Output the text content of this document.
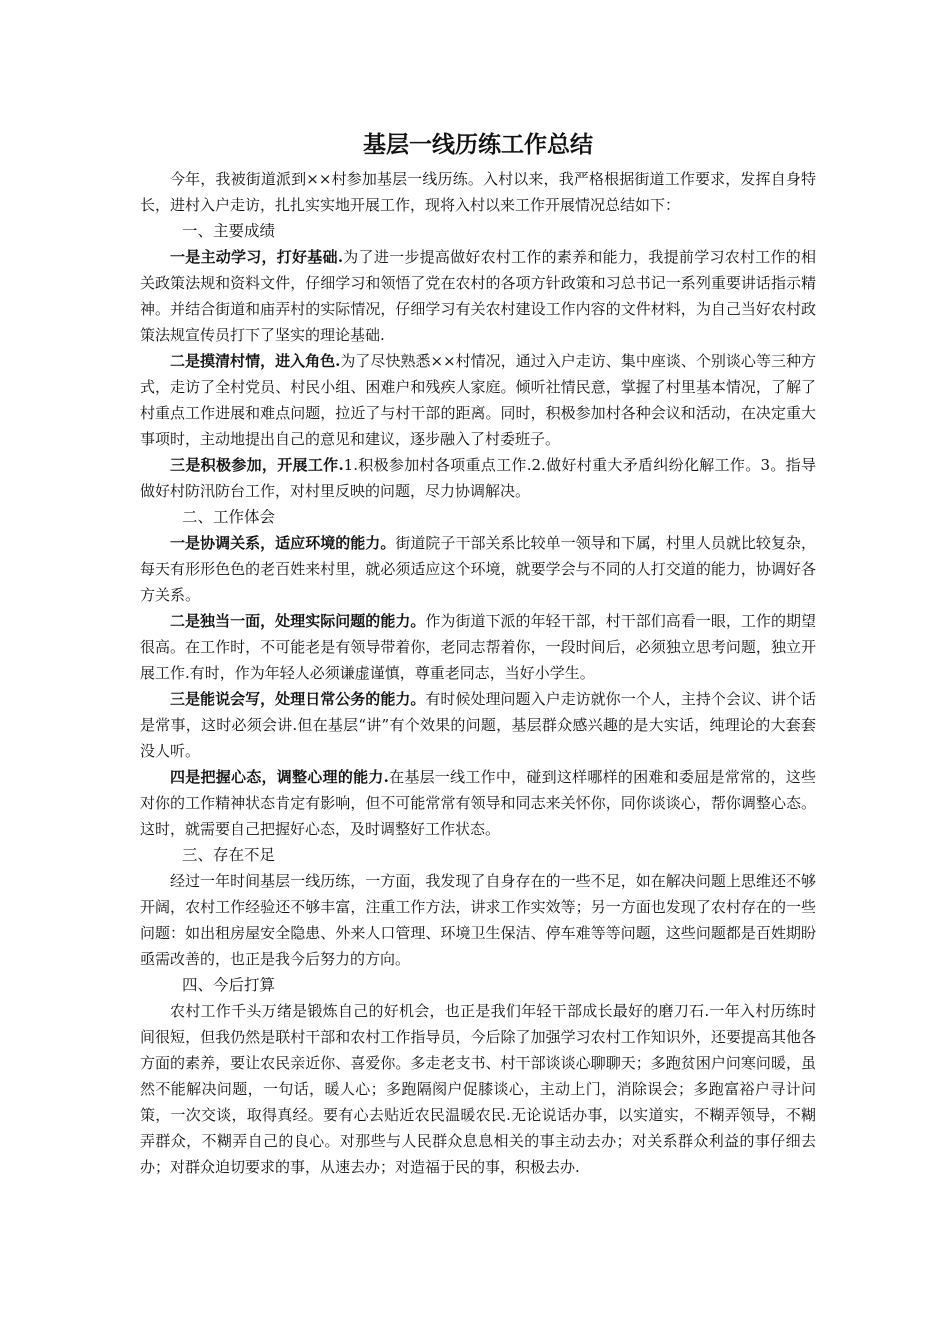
基层一线历练工作总结

今年，我被街道派到××村参加基层一线历练。入村以来，我严格根据街道工作要求，发挥自身特长，进村入户走访，扎扎实实地开展工作，现将入村以来工作开展情况总结如下：

一、主要成绩

一是主动学习，打好基础.为了进一步提高做好农村工作的素养和能力，我提前学习农村工作的相关政策法规和资料文件，仔细学习和领悟了党在农村的各项方针政策和习总书记一系列重要讲话指示精神。并结合街道和庙弄村的实际情况，仔细学习有关农村建设工作内容的文件材料，为自己当好农村政策法规宣传员打下了坚实的理论基础.

二是摸清村情，进入角色.为了尽快熟悉××村情况，通过入户走访、集中座谈、个别谈心等三种方式，走访了全村党员、村民小组、困难户和残疾人家庭。倾听社情民意，掌握了村里基本情况，了解了村重点工作进展和难点问题，拉近了与村干部的距离。同时，积极参加村各种会议和活动，在决定重大事项时，主动地提出自己的意见和建议，逐步融入了村委班子。

三是积极参加，开展工作.1.积极参加村各项重点工作.2.做好村重大矛盾纠纷化解工作。3。指导做好村防汛防台工作，对村里反映的问题，尽力协调解决。

二、工作体会

一是协调关系，适应环境的能力。街道院子干部关系比较单一领导和下属，村里人员就比较复杂，每天有形形色色的老百姓来村里，就必须适应这个环境，就要学会与不同的人打交道的能力，协调好各方关系。

二是独当一面，处理实际问题的能力。作为街道下派的年轻干部，村干部们高看一眼，工作的期望很高。在工作时，不可能老是有领导带着你，老同志帮着你，一段时间后，必须独立思考问题，独立开展工作.有时，作为年轻人必须谦虚谨慎，尊重老同志，当好小学生。

三是能说会写，处理日常公务的能力。有时候处理问题入户走访就你一个人，主持个会议、讲个话是常事，这时必须会讲.但在基层“讲”有个效果的问题，基层群众感兴趣的是大实话，纯理论的大套套没人听。

四是把握心态，调整心理的能力.在基层一线工作中，碰到这样哪样的困难和委屈是常常的，这些对你的工作精神状态肯定有影响，但不可能常常有领导和同志来关怀你，同你谈谈心，帮你调整心态。这时，就需要自己把握好心态，及时调整好工作状态。

三、存在不足

经过一年时间基层一线历练，一方面，我发现了自身存在的一些不足，如在解决问题上思维还不够开阔，农村工作经验还不够丰富，注重工作方法，讲求工作实效等；另一方面也发现了农村存在的一些问题：如出租房屋安全隐患、外来人口管理、环境卫生保洁、停车难等等问题，这些问题都是百姓期盼亟需改善的，也正是我今后努力的方向。

四、今后打算

农村工作千头万绪是锻炼自己的好机会，也正是我们年轻干部成长最好的磨刀石.一年入村历练时间很短，但我仍然是联村干部和农村工作指导员，今后除了加强学习农村工作知识外，还要提高其他各方面的素养，要让农民亲近你、喜爱你。多走老支书、村干部谈谈心聊聊天；多跑贫困户问寒问暖，虽然不能解决问题，一句话，暖人心；多跑隔阂户促膝谈心，主动上门，消除误会；多跑富裕户寻计问策，一次交谈，取得真经。要有心去贴近农民温暖农民.无论说话办事，以实道实，不糊弄领导，不糊弄群众，不糊弄自己的良心。对那些与人民群众息息相关的事主动去办；对关系群众利益的事仔细去办；对群众迫切要求的事，从速去办；对造福于民的事，积极去办.
